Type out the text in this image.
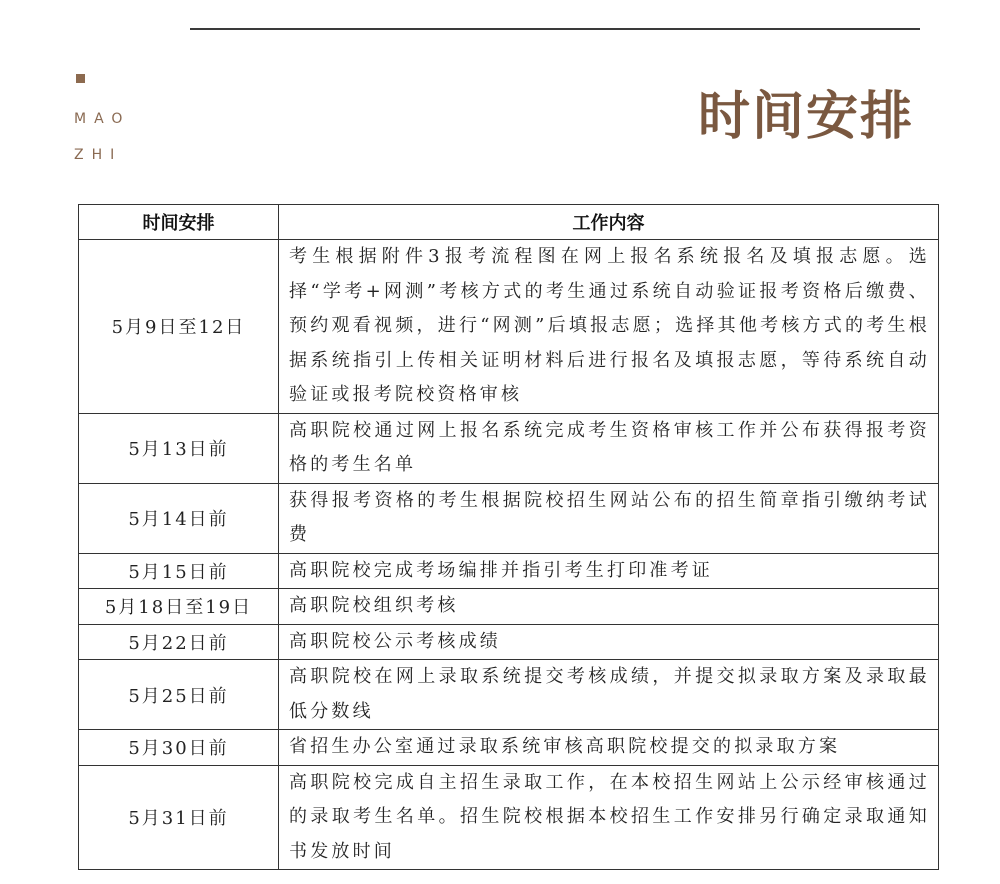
MAO
ZHI
时间安排
时间安排	工作内容
5月9日至12日	考生根据附件3报考流程图在网上报名系统报名及填报志愿。选择“学考+网测”考核方式的考生通过系统自动验证报考资格后缴费、预约观看视频，进行“网测”后填报志愿；选择其他考核方式的考生根据系统指引上传相关证明材料后进行报名及填报志愿，等待系统自动验证或报考院校资格审核
5月13日前	高职院校通过网上报名系统完成考生资格审核工作并公布获得报考资格的考生名单
5月14日前	获得报考资格的考生根据院校招生网站公布的招生简章指引缴纳考试费
5月15日前	高职院校完成考场编排并指引考生打印准考证
5月18日至19日	高职院校组织考核
5月22日前	高职院校公示考核成绩
5月25日前	高职院校在网上录取系统提交考核成绩，并提交拟录取方案及录取最低分数线
5月30日前	省招生办公室通过录取系统审核高职院校提交的拟录取方案
5月31日前	高职院校完成自主招生录取工作，在本校招生网站上公示经审核通过的录取考生名单。招生院校根据本校招生工作安排另行确定录取通知书发放时间
